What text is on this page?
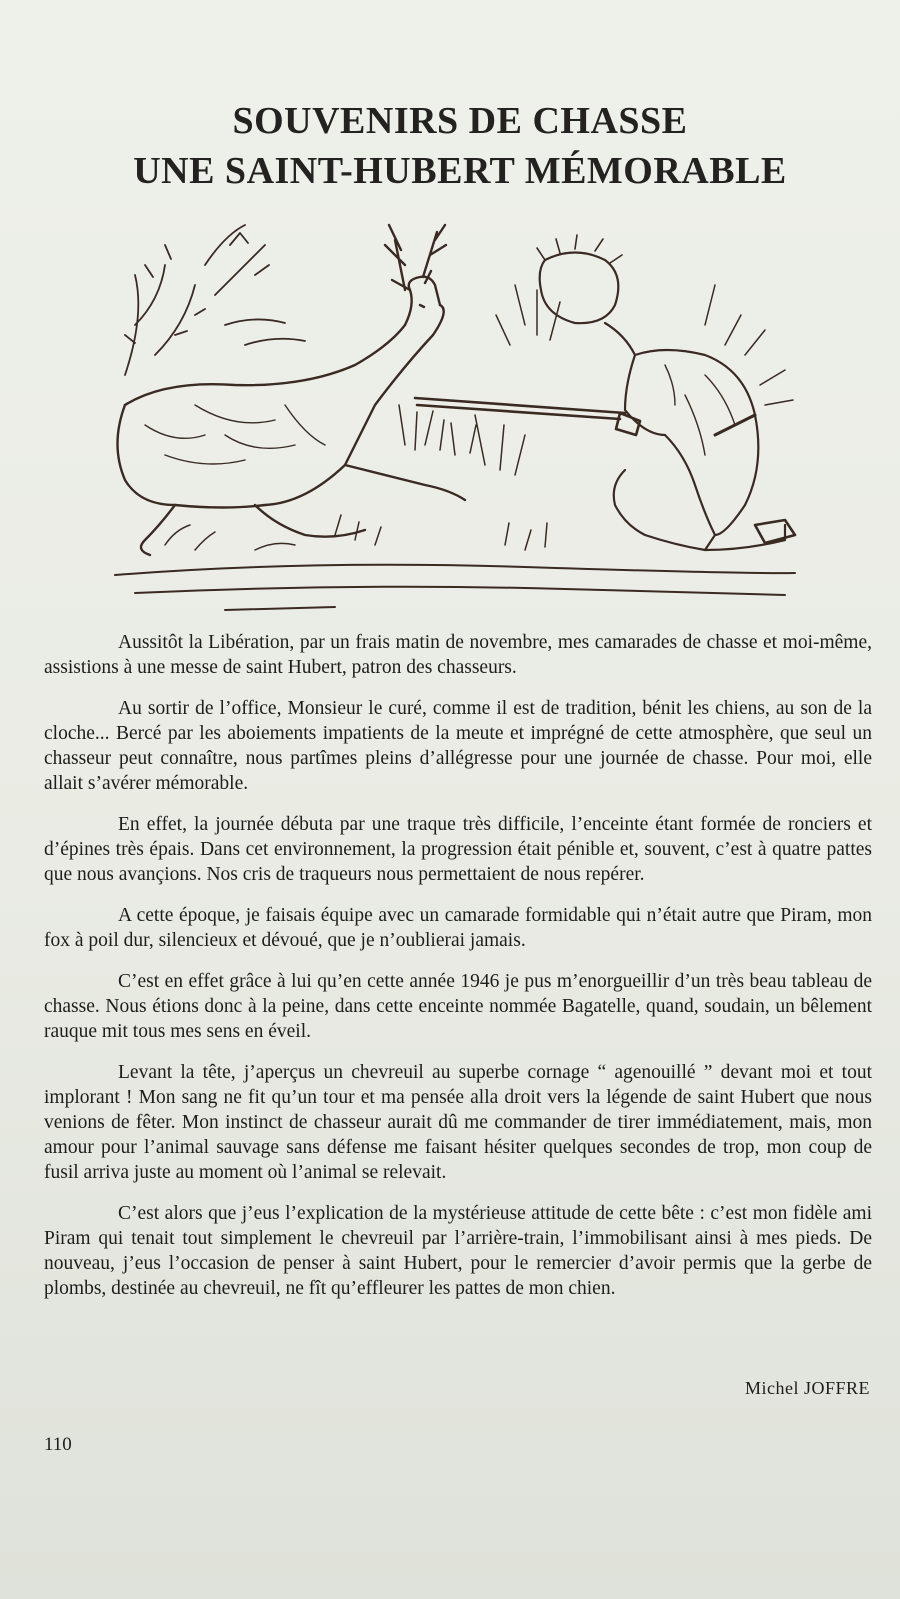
SOUVENIRS DE CHASSE
UNE SAINT-HUBERT MÉMORABLE

Aussitôt la Libération, par un frais matin de novembre, mes camarades de chasse et moi-même, assistions à une messe de saint Hubert, patron des chasseurs.

Au sortir de l’office, Monsieur le curé, comme il est de tradition, bénit les chiens, au son de la cloche... Bercé par les aboiements impatients de la meute et imprégné de cette atmosphère, que seul un chasseur peut connaître, nous partîmes pleins d’allégresse pour une journée de chasse. Pour moi, elle allait s’avérer mémorable.

En effet, la journée débuta par une traque très difficile, l’enceinte étant formée de ronciers et d’épines très épais. Dans cet environnement, la progression était pénible et, souvent, c’est à quatre pattes que nous avançions. Nos cris de traqueurs nous permettaient de nous repérer.

A cette époque, je faisais équipe avec un camarade formidable qui n’était autre que Piram, mon fox à poil dur, silencieux et dévoué, que je n’oublierai jamais.

C’est en effet grâce à lui qu’en cette année 1946 je pus m’enorgueillir d’un très beau tableau de chasse. Nous étions donc à la peine, dans cette enceinte nommée Bagatelle, quand, soudain, un bêlement rauque mit tous mes sens en éveil.

Levant la tête, j’aperçus un chevreuil au superbe cornage “ agenouillé ” devant moi et tout implorant ! Mon sang ne fit qu’un tour et ma pensée alla droit vers la légende de saint Hubert que nous venions de fêter. Mon instinct de chasseur aurait dû me commander de tirer immédiatement, mais, mon amour pour l’animal sauvage sans défense me faisant hésiter quelques secondes de trop, mon coup de fusil arriva juste au moment où l’animal se relevait.

C’est alors que j’eus l’explication de la mystérieuse attitude de cette bête : c’est mon fidèle ami Piram qui tenait tout simplement le chevreuil par l’arrière-train, l’immobilisant ainsi à mes pieds. De nouveau, j’eus l’occasion de penser à saint Hubert, pour le remercier d’avoir permis que la gerbe de plombs, destinée au chevreuil, ne fît qu’effleurer les pattes de mon chien.

Michel JOFFRE
110
